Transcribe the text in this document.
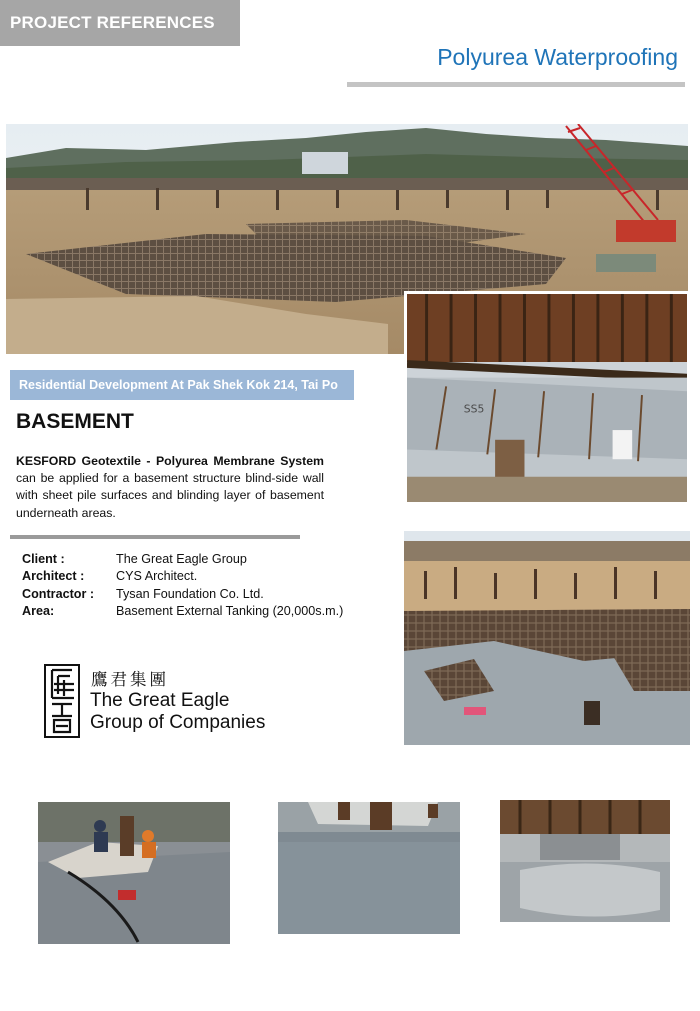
PROJECT REFERENCES
Polyurea Waterproofing
SS5
Residential Development At Pak Shek Kok 214, Tai Po
BASEMENT
KESFORD Geotextile - Polyurea Membrane System can be applied for a basement structure blind-side wall with sheet pile surfaces and blinding layer of basement underneath areas.
Client :	The Great Eagle Group
Architect :	CYS Architect.
Contractor :	Tysan Foundation Co. Ltd.
Area:	Basement External Tanking (20,000s.m.)
鷹君集團
The Great Eagle
Group of Companies
